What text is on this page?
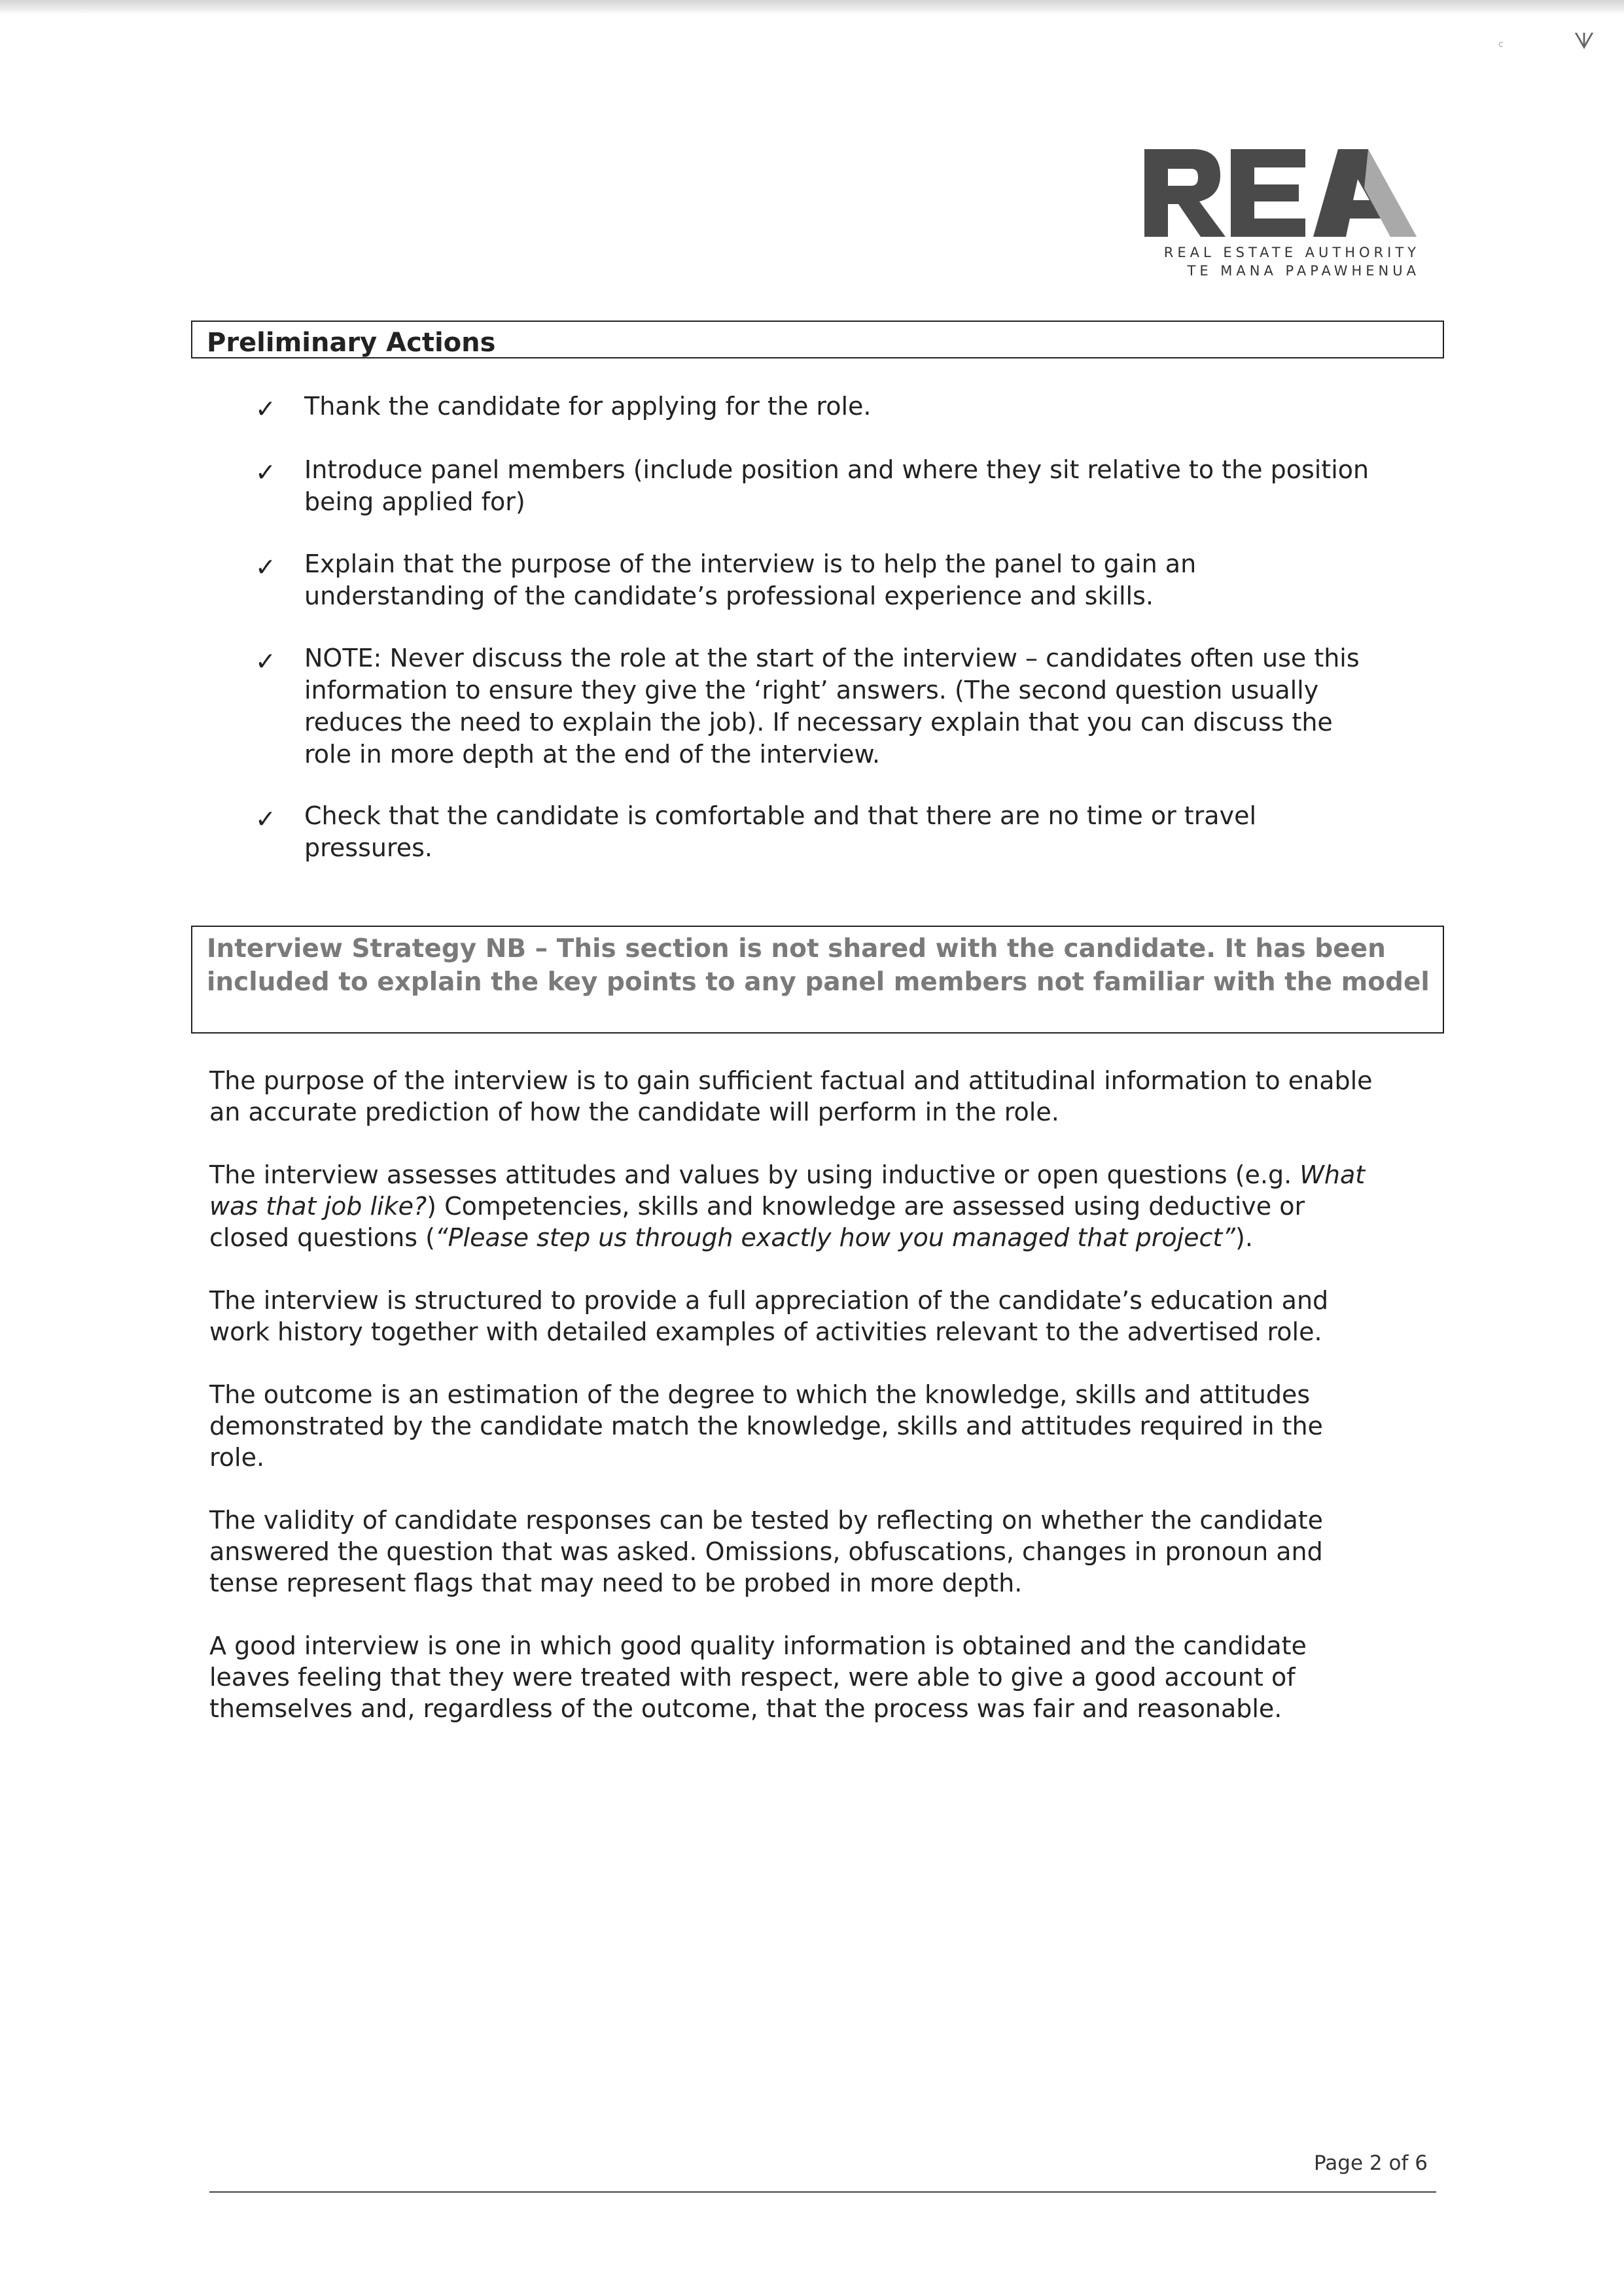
ᗐ
c
REAL ESTATE AUTHORITY
TE MANA PAPAWHENUA
Preliminary Actions
✓ Thank the candidate for applying for the role.
✓ Introduce panel members (include position and where they sit relative to the position
being applied for)
✓ Explain that the purpose of the interview is to help the panel to gain an
understanding of the candidate’s professional experience and skills.
✓ NOTE: Never discuss the role at the start of the interview – candidates often use this
information to ensure they give the ‘right’ answers. (The second question usually
reduces the need to explain the job). If necessary explain that you can discuss the
role in more depth at the end of the interview.
✓ Check that the candidate is comfortable and that there are no time or travel
pressures.
Interview Strategy NB – This section is not shared with the candidate. It has been included to explain the key points to any panel members not familiar with the model
The purpose of the interview is to gain sufficient factual and attitudinal information to enable
an accurate prediction of how the candidate will perform in the role.
The interview assesses attitudes and values by using inductive or open questions (e.g. What
was that job like?) Competencies, skills and knowledge are assessed using deductive or
closed questions (“Please step us through exactly how you managed that project”).
The interview is structured to provide a full appreciation of the candidate’s education and
work history together with detailed examples of activities relevant to the advertised role.
The outcome is an estimation of the degree to which the knowledge, skills and attitudes
demonstrated by the candidate match the knowledge, skills and attitudes required in the
role.
The validity of candidate responses can be tested by reflecting on whether the candidate
answered the question that was asked. Omissions, obfuscations, changes in pronoun and
tense represent flags that may need to be probed in more depth.
A good interview is one in which good quality information is obtained and the candidate
leaves feeling that they were treated with respect, were able to give a good account of
themselves and, regardless of the outcome, that the process was fair and reasonable.
Page 2 of 6
